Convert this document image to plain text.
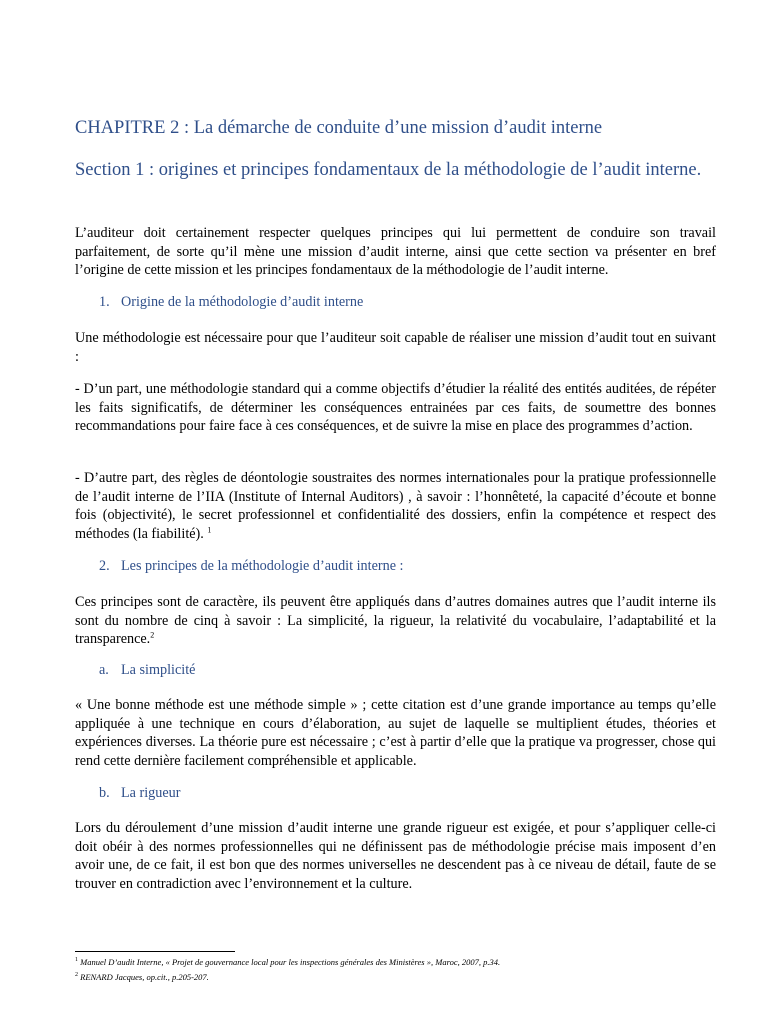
CHAPITRE 2 : La démarche de conduite d’une mission d’audit interne
Section 1 : origines et principes fondamentaux de la méthodologie de l’audit interne.

L’auditeur doit certainement respecter quelques principes qui lui permettent de conduire son travail parfaitement, de sorte qu’il mène une mission d’audit interne, ainsi que cette section va présenter en bref l’origine de cette mission et les principes fondamentaux de la méthodologie de l’audit interne.

1. Origine de la méthodologie d’audit interne

Une méthodologie est nécessaire pour que l’auditeur soit capable de réaliser une mission d’audit tout en suivant :

- D’un part, une méthodologie standard qui a comme objectifs d’étudier la réalité des entités auditées, de répéter les faits significatifs, de déterminer les conséquences entrainées par ces faits, de soumettre des bonnes recommandations pour faire face à ces conséquences, et de suivre la mise en place des programmes d’action.

- D’autre part, des règles de déontologie soustraites des normes internationales pour la pratique professionnelle de l’audit interne de l’IIA (Institute of Internal Auditors) , à savoir : l’honnêteté, la capacité d’écoute et bonne fois (objectivité), le secret professionnel et confidentialité des dossiers, enfin la compétence et respect des méthodes (la fiabilité). $^1$

2. Les principes de la méthodologie d’audit interne :

Ces principes sont de caractère, ils peuvent être appliqués dans d’autres domaines autres que l’audit interne ils sont du nombre de cinq à savoir : La simplicité, la rigueur, la relativité du vocabulaire, l’adaptabilité et la transparence.$^2$

a. La simplicité

« Une bonne méthode est une méthode simple » ; cette citation est d’une grande importance au temps qu’elle appliquée à une technique en cours d’élaboration, au sujet de laquelle se multiplient études, théories et expériences diverses. La théorie pure est nécessaire ; c’est à partir d’elle que la pratique va progresser, chose qui rend cette dernière facilement compréhensible et applicable.

b. La rigueur

Lors du déroulement d’une mission d’audit interne une grande rigueur est exigée, et pour s’appliquer celle-ci doit obéir à des normes professionnelles qui ne définissent pas de méthodologie précise mais imposent d’en avoir une, de ce fait, il est bon que des normes universelles ne descendent pas à ce niveau de détail, faute de se trouver en contradiction avec l’environnement et la culture.

$^1$ Manuel D’audit Interne, « Projet de gouvernance local pour les inspections générales des Ministères », Maroc, 2007, p.34.

$^2$ RENARD Jacques, op.cit., p.205-207.
